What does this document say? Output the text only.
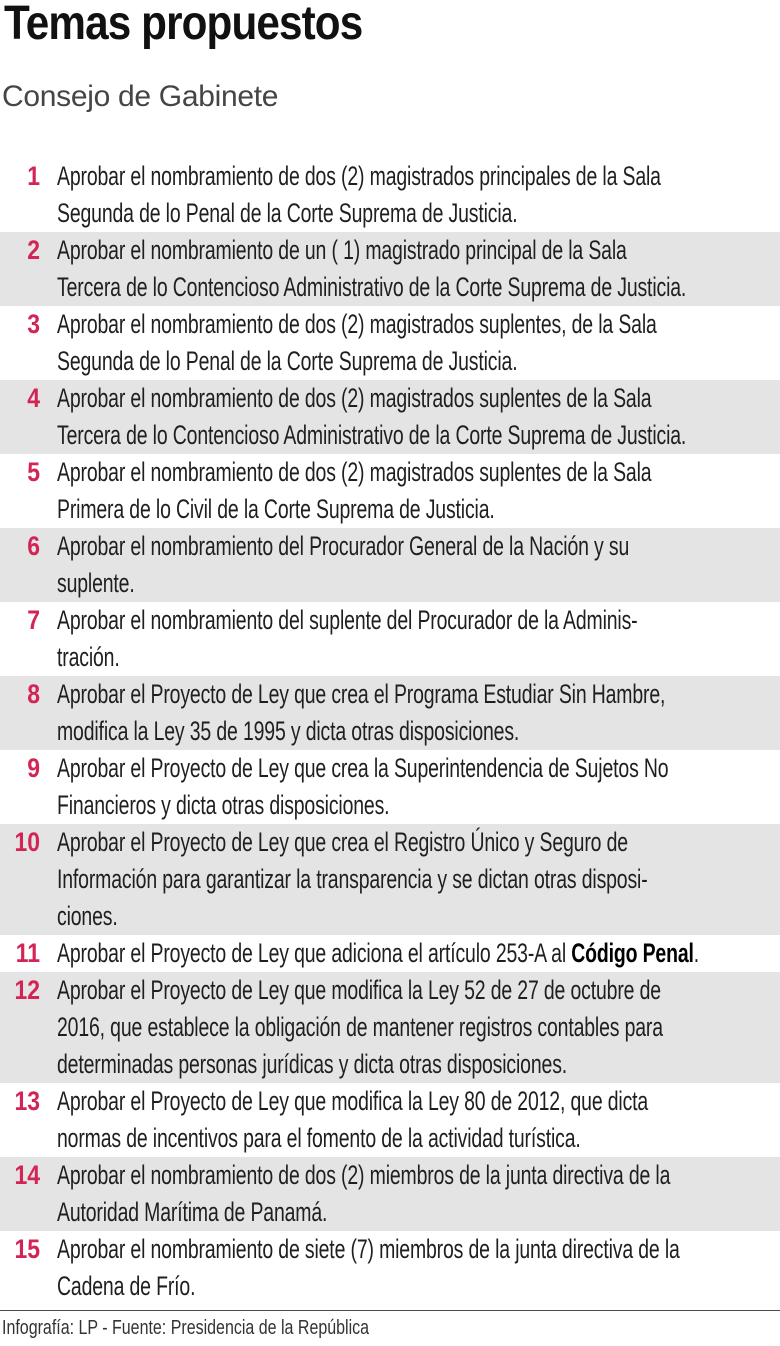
Temas propuestos
Consejo de Gabinete
1 Aprobar el nombramiento de dos (2) magistrados principales de la Sala
Segunda de lo Penal de la Corte Suprema de Justicia.
2 Aprobar el nombramiento de un ( 1) magistrado principal de la Sala
Tercera de lo Contencioso Administrativo de la Corte Suprema de Justicia.
3 Aprobar el nombramiento de dos (2) magistrados suplentes, de la Sala
Segunda de lo Penal de la Corte Suprema de Justicia.
4 Aprobar el nombramiento de dos (2) magistrados suplentes de la Sala
Tercera de lo Contencioso Administrativo de la Corte Suprema de Justicia.
5 Aprobar el nombramiento de dos (2) magistrados suplentes de la Sala
Primera de lo Civil de la Corte Suprema de Justicia.
6 Aprobar el nombramiento del Procurador General de la Nación y su
suplente.
7 Aprobar el nombramiento del suplente del Procurador de la Adminis-
tración.
8 Aprobar el Proyecto de Ley que crea el Programa Estudiar Sin Hambre,
modifica la Ley 35 de 1995 y dicta otras disposiciones.
9 Aprobar el Proyecto de Ley que crea la Superintendencia de Sujetos No
Financieros y dicta otras disposiciones.
10 Aprobar el Proyecto de Ley que crea el Registro Único y Seguro de
Información para garantizar la transparencia y se dictan otras disposi-
ciones.
11 Aprobar el Proyecto de Ley que adiciona el artículo 253-A al Código Penal.
12 Aprobar el Proyecto de Ley que modifica la Ley 52 de 27 de octubre de
2016, que establece la obligación de mantener registros contables para
determinadas personas jurídicas y dicta otras disposiciones.
13 Aprobar el Proyecto de Ley que modifica la Ley 80 de 2012, que dicta
normas de incentivos para el fomento de la actividad turística.
14 Aprobar el nombramiento de dos (2) miembros de la junta directiva de la
Autoridad Marítima de Panamá.
15 Aprobar el nombramiento de siete (7) miembros de la junta directiva de la
Cadena de Frío.
Infografía: LP - Fuente: Presidencia de la República
